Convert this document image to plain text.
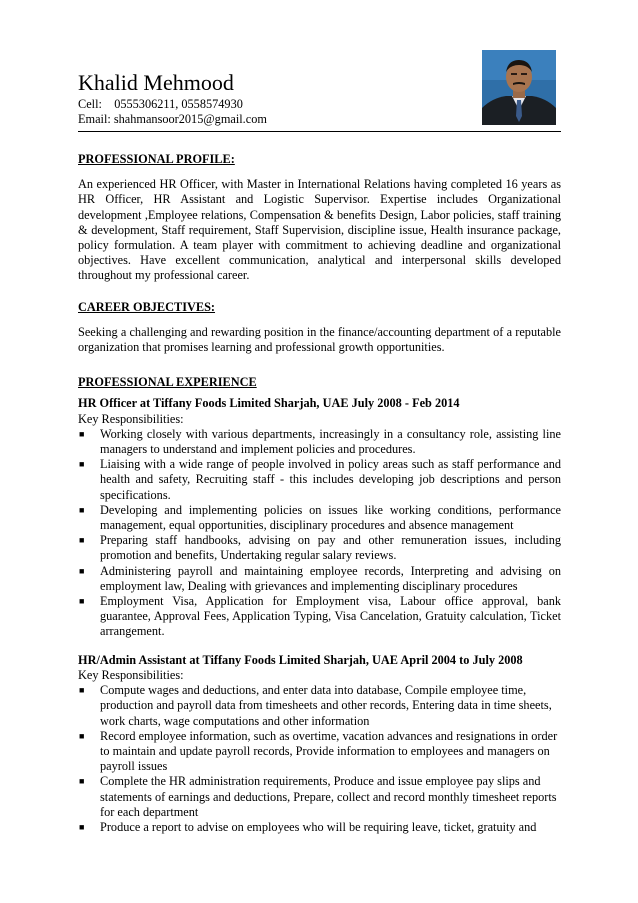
Khalid Mehmood
Cell:    0555306211, 0558574930
Email: shahmansoor2015@gmail.com
PROFESSIONAL PROFILE:

An experienced HR Officer, with Master in International Relations having completed 16 years as HR Officer, HR Assistant and Logistic Supervisor. Expertise includes Organizational development ,Employee relations, Compensation & benefits Design, Labor policies, staff training & development, Staff requirement, Staff Supervision, discipline issue, Health insurance package, policy formulation. A team player with commitment to achieving deadline and organizational objectives. Have excellent communication, analytical and interpersonal skills developed throughout my professional career.

CAREER OBJECTIVES:

Seeking a challenging and rewarding position in the finance/accounting department of a reputable organization that promises learning and professional growth opportunities.

PROFESSIONAL EXPERIENCE

HR Officer at Tiffany Foods Limited Sharjah, UAE July 2008 - Feb 2014

Key Responsibilities:

■ Working closely with various departments, increasingly in a consultancy role, assisting line managers to understand and implement policies and procedures.
■ Liaising with a wide range of people involved in policy areas such as staff performance and health and safety, Recruiting staff - this includes developing job descriptions and person specifications.
■ Developing and implementing policies on issues like working conditions, performance management, equal opportunities, disciplinary procedures and absence management
■ Preparing staff handbooks, advising on pay and other remuneration issues, including promotion and benefits, Undertaking regular salary reviews.
■ Administering payroll and maintaining employee records, Interpreting and advising on employment law, Dealing with grievances and implementing disciplinary procedures
■ Employment Visa, Application for Employment visa, Labour office approval, bank guarantee, Approval Fees, Application Typing, Visa Cancelation, Gratuity calculation, Ticket arrangement.

HR/Admin Assistant at Tiffany Foods Limited Sharjah, UAE April 2004 to July 2008

Key Responsibilities:

■ Compute wages and deductions, and enter data into database, Compile employee time, production and payroll data from timesheets and other records, Entering data in time sheets, work charts, wage computations and other information
■ Record employee information, such as overtime, vacation advances and resignations in order to maintain and update payroll records, Provide information to employees and managers on payroll issues
■ Complete the HR administration requirements, Produce and issue employee pay slips and statements of earnings and deductions, Prepare, collect and record monthly timesheet reports for each department
■ Produce a report to advise on employees who will be requiring leave, ticket, gratuity and
